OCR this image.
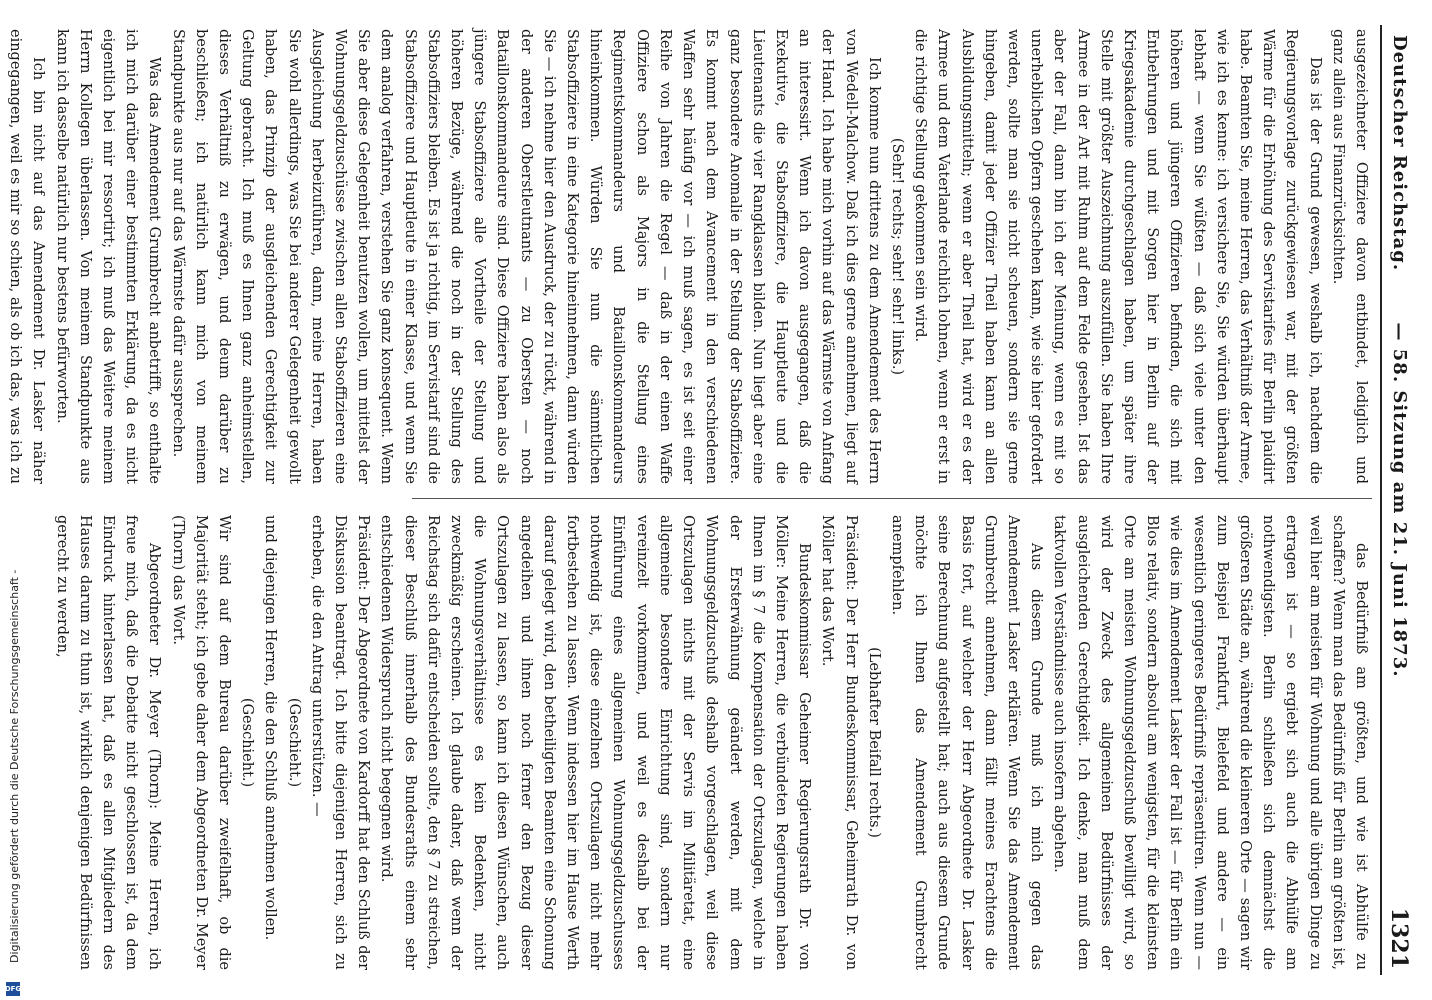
Deutscher Reichstag.
— 58. Sitzung am 21. Juni 1873.
1321

ausgezeichneter Offiziere davon entbindet, lediglich und ganz allein aus Finanzrücksichten.

Das ist der Grund gewesen, weshalb ich, nachdem die Regierungsvorlage zurückgewiesen war, mit der größten Wärme für die Erhöhung des Servistarifes für Berlin plaidirt habe. Beamten Sie, meine Herren, das Verhältniß der Armee, wie ich es kenne: ich versichere Sie, Sie würden überhaupt lebhaft — wenn Sie wüßten — daß sich viele unter den höheren und jüngeren Offizieren befinden, die sich mit Entbehrungen und mit Sorgen hier in Berlin auf der Kriegsakademie durchgeschlagen haben, um später ihre Stelle mit größter Auszeichnung auszufüllen. Sie haben Ihre Armee in der Art mit Ruhm auf dem Felde gesehen. Ist das aber der Fall, dann bin ich der Meinung, wenn es mit so unerheblichen Opfern geschehen kann, wie sie hier gefordert werden, sollte man sie nicht scheuen, sondern sie gerne hingeben, damit jeder Offizier Theil haben kann an allen Ausbildungsmitteln; wenn er aber Theil hat, wird er es der Armee und dem Vaterlande reichlich lohnen, wenn er erst in die richtige Stellung gekommen sein wird.

(Sehr! rechts; sehr! sehr! links.)

Ich komme nun drittens zu dem Amendement des Herrn von Wedell-Malchow. Daß ich dies gerne annehmen, liegt auf der Hand. Ich habe mich vorhin auf das Wärmste von Anfang an interessirt. Wenn ich davon ausgegangen, daß die Exekutive, die Stabsoffiziere, die Hauptleute und die Lieutenants die vier Rangklassen bilden. Nun liegt aber eine ganz besondere Anomalie in der Stellung der Stabsoffiziere. Es kommt nach dem Avancement in den verschiedenen Waffen sehr häufig vor — ich muß sagen, es ist seit einer Reihe von Jahren die Regel — daß in der einen Waffe Offiziere schon als Majors in die Stellung eines Regimentskommandeurs und Bataillonskommandeurs hineinkommen. Würden Sie nun die sämmtlichen Stabsoffiziere in eine Kategorie hineinnehmen, dann würden Sie — ich nehme hier den Ausdruck, der zu rückt, während in der anderen Oberstleutnants — zu Obersten — noch Bataillonskommandeure sind. Diese Offiziere haben also als jüngere Stabsoffiziere alle Vortheile der Stellung und höheren Bezüge, während die noch in der Stellung des Stabsoffiziers bleiben. Es ist ja richtig, im Servistarif sind die Stabsoffiziere und Hauptleute in einer Klasse, und wenn Sie dem analog verfahren, verstehen Sie ganz konsequent. Wenn Sie aber diese Gelegenheit benutzen wollen, um mittelst der Wohnungsgeldzuschüsse zwischen allen Stabsoffizieren eine Ausgleichung herbeizuführen, dann, meine Herren, haben Sie wohl allerdings, was Sie bei anderer Gelegenheit gewollt haben, das Prinzip der ausgleichenden Gerechtigkeit zur Geltung gebracht. Ich muß es Ihnen ganz anheimstellen, dieses Verhältniß zu erwägen, und deum darüber zu beschließen; ich natürlich kann mich von meinem Standpunkte aus nur auf das Wärmste dafür aussprechen.

Was das Amendement Grumbrecht anbetrifft, so enthalte ich mich darüber einer bestimmten Erklärung, da es nicht eigentlich bei mir ressortirt; ich muß das Weitere meinem Herrn Kollegen überlassen. Von meinem Standpunkte aus kann ich dasselbe natürlich nur bestens befürworten.

Ich bin nicht auf das Amendement Dr. Lasker näher eingegangen, weil es mir so schien, als ob ich das, was ich zu

das Bedürfniß am größten, und wie ist Abhülfe zu schaffen? Wenn man das Bedürfniß für Berlin am größten ist, weil hier am meisten für Wohnung und alle übrigen Dinge zu ertragen ist — so ergiebt sich auch die Abhülfe am nothwendigsten. Berlin schließen sich demnächst die größeren Städte an, während die kleineren Orte — sagen wir zum Beispiel Frankfurt, Bielefeld und andere — ein wesentlich geringeres Bedürfniß repräsentiren. Wenn nun — wie dies im Amendement Lasker der Fall ist — für Berlin ein Blos relativ, sondern absolut am wenigsten, für die kleinsten Orte am meisten Wohnungsgeldzuschuß bewilligt wird, so wird der Zweck des allgemeinen Bedürfnisses der ausgleichenden Gerechtigkeit. Ich denke, man muß dem taktvollen Verständnisse auch insofern abgehen.

Aus diesem Grunde muß ich mich gegen das Amendement Lasker erklären. Wenn Sie das Amendement Grumbrecht annehmen, dann fällt meines Erachtens die Basis fort, auf welcher der Herr Abgeordnete Dr. Lasker seine Berechnung aufgestellt hat; auch aus diesem Grunde möchte ich Ihnen das Amendement Grumbrecht anempfehlen.

(Lebhafter Beifall rechts.)

Präsident: Der Herr Bundeskommissar, Geheimrath Dr. von Möller hat das Wort.

Bundeskommissar Geheimer Regierungsrath Dr. von Möller: Meine Herren, die verbündeten Regierungen haben Ihnen im § 7 die Kompensation der Ortszulagen, welche in der Ersterwähnung geändert werden, mit dem Wohnungsgeldzuschuß deshalb vorgeschlagen, weil diese Ortszulagen nichts mit der Servis im Militäretat, eine allgemeine besondere Einrichtung sind, sondern nur vereinzelt vorkommen, und weil es deshalb bei der Einführung eines allgemeinen Wohnungsgeldzuschusses nothwendig ist, diese einzelnen Ortszulagen nicht mehr fortbestehen zu lassen. Wenn indessen hier im Hause Werth darauf gelegt wird, den betheiligten Beamten eine Schonung angedeihen und ihnen noch ferner den Bezug dieser Ortszulagen zu lassen, so kann ich diesen Wünschen, auch die Wohnungsverhältnisse es kein Bedenken, nicht zweckmäßig erscheinen. Ich glaube daher, daß wenn der Reichstag sich dafür entscheiden sollte, den § 7 zu streichen, dieser Beschluß innerhalb des Bundesraths einem sehr entschiedenen Widerspruch nicht begegnen wird.

Präsident: Der Abgeordnete von Kardorff hat den Schluß der Diskussion beantragt. Ich bitte diejenigen Herren, sich zu erheben, die den Antrag unterstützen. —

(Geschieht.)

und diejenigen Herren, die den Schluß annehmen wollen.

(Geschieht.)

Wir sind auf dem Bureau darüber zweifelhaft, ob die Majorität steht; ich gebe daher dem Abgeordneten Dr. Meyer (Thorn) das Wort.

Abgeordneter Dr. Meyer (Thorn): Meine Herren, ich freue mich, daß die Debatte nicht geschlossen ist, da dem Eindruck hinterlassen hat, daß es allen Mitgliedern des Hauses darum zu thun ist, wirklich denjenigen Bedürfnissen gerecht zu werden,

Digitalisierung gefördert durch die Deutsche Forschungsgemeinschaft -
DFG
